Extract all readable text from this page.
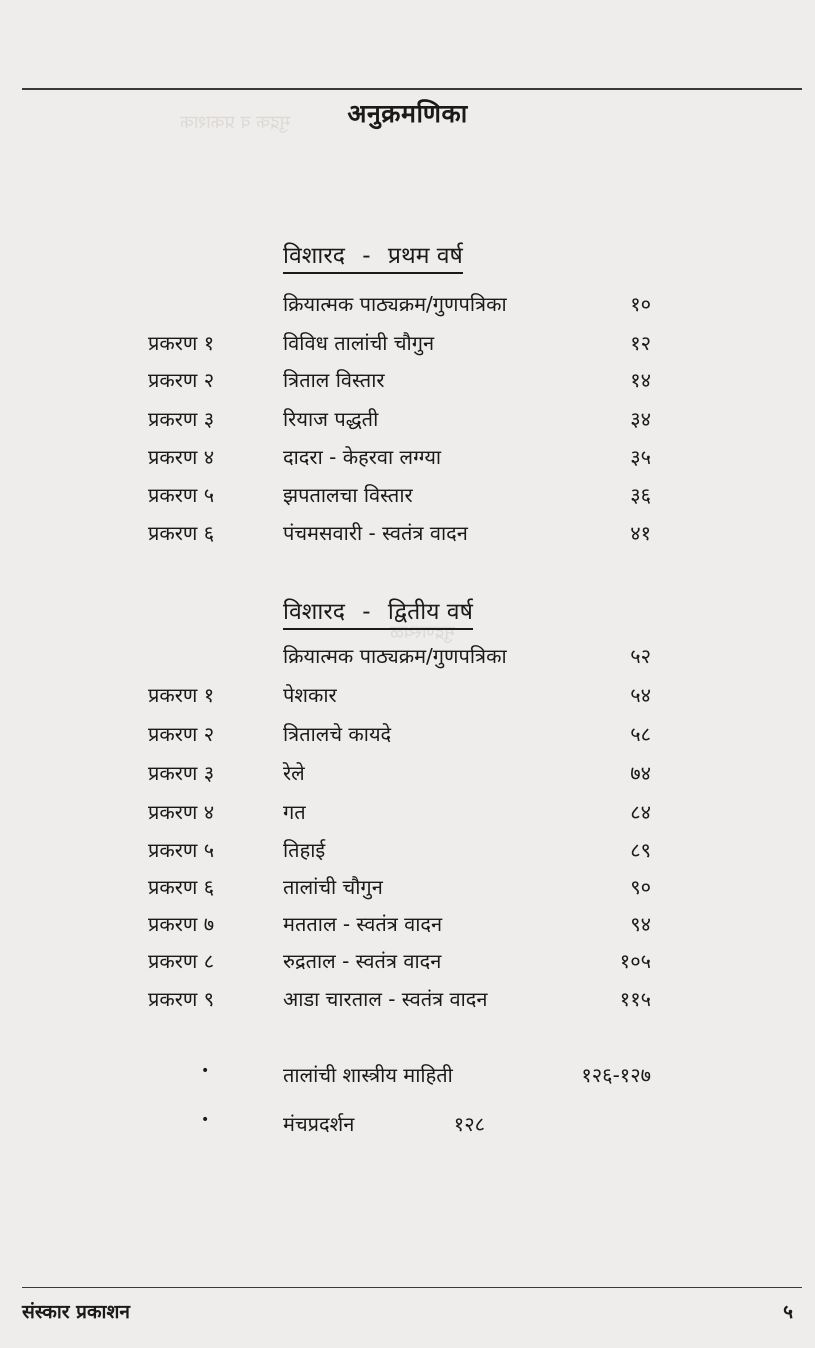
मुद्रक व प्रकाशक
मुद्रणस्थळ
अनुक्रमणिका
विशारद - प्रथम वर्ष
क्रियात्मक पाठ्यक्रम/गुणपत्रिका	१०
प्रकरण १	विविध तालांची चौगुन	१२
प्रकरण २	त्रिताल विस्तार	१४
प्रकरण ३	रियाज पद्धती	३४
प्रकरण ४	दादरा - केहरवा लग्ग्या	३५
प्रकरण ५	झपतालचा विस्तार	३६
प्रकरण ६	पंचमसवारी - स्वतंत्र वादन	४१
विशारद - द्वितीय वर्ष
क्रियात्मक पाठ्यक्रम/गुणपत्रिका	५२
प्रकरण १	पेशकार	५४
प्रकरण २	त्रितालचे कायदे	५८
प्रकरण ३	रेले	७४
प्रकरण ४	गत	८४
प्रकरण ५	तिहाई	८९
प्रकरण ६	तालांची चौगुन	९०
प्रकरण ७	मतताल - स्वतंत्र वादन	९४
प्रकरण ८	रुद्रताल - स्वतंत्र वादन	१०५
प्रकरण ९	आडा चारताल - स्वतंत्र वादन	११५
•	तालांची शास्त्रीय माहिती	१२६-१२७
•	मंचप्रदर्शन	१२८
संस्कार प्रकाशन	५
